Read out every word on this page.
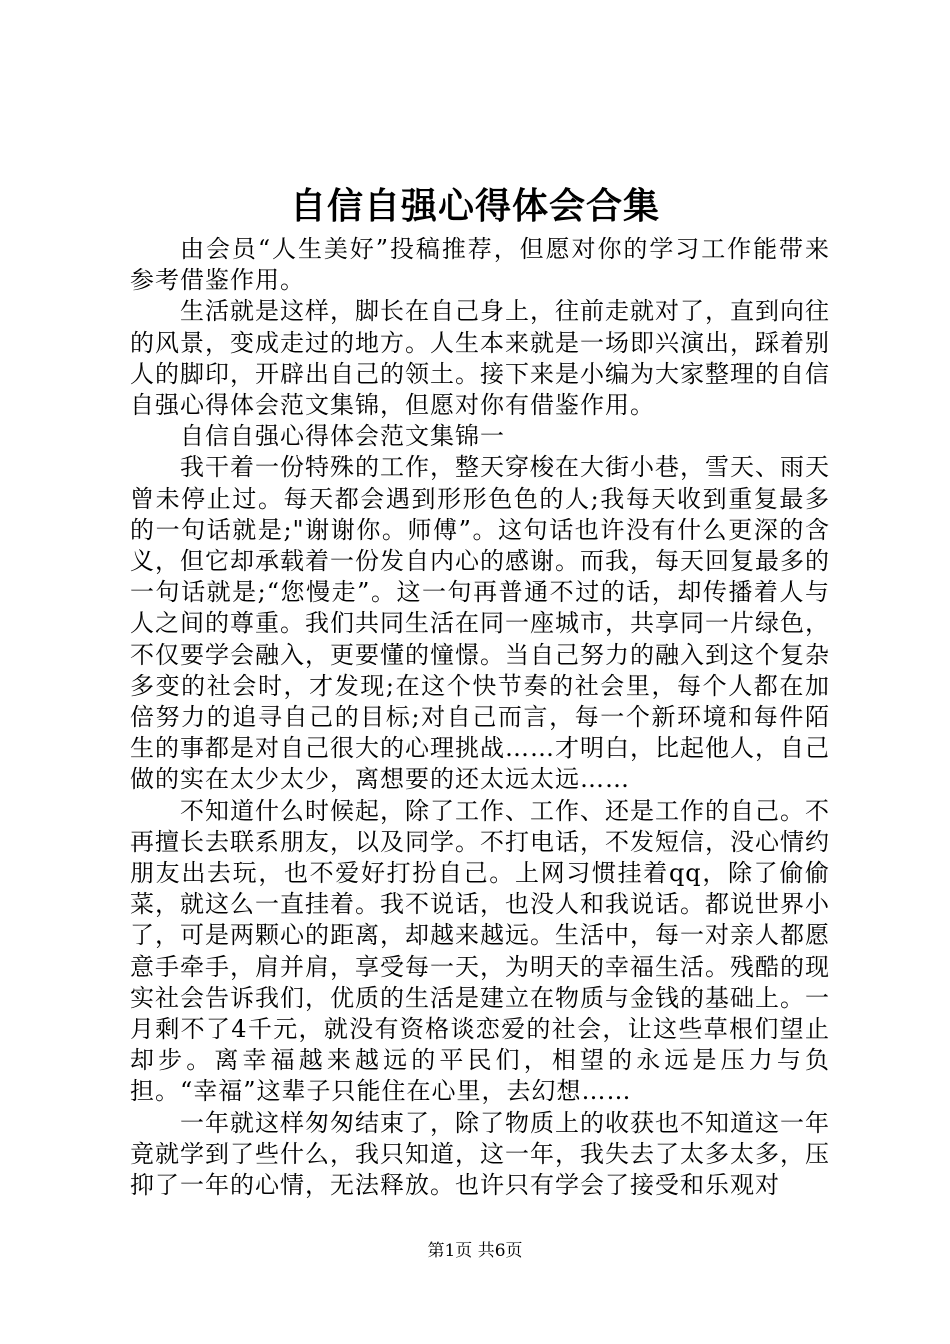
自信自强心得体会合集

由会员“人生美好”投稿推荐，但愿对你的学习工作能带来参考借鉴作用。

生活就是这样，脚长在自己身上，往前走就对了，直到向往的风景，变成走过的地方。人生本来就是一场即兴演出，踩着别人的脚印，开辟出自己的领土。接下来是小编为大家整理的自信自强心得体会范文集锦，但愿对你有借鉴作用。

自信自强心得体会范文集锦一

我干着一份特殊的工作，整天穿梭在大街小巷，雪天、雨天曾未停止过。每天都会遇到形形色色的人;我每天收到重复最多的一句话就是;"谢谢你。师傅”。这句话也许没有什么更深的含义，但它却承载着一份发自内心的感谢。而我，每天回复最多的一句话就是;“您慢走”。这一句再普通不过的话，却传播着人与人之间的尊重。我们共同生活在同一座城市，共享同一片绿色，不仅要学会融入，更要懂的憧憬。当自己努力的融入到这个复杂多变的社会时，才发现;在这个快节奏的社会里，每个人都在加倍努力的追寻自己的目标;对自己而言，每一个新环境和每件陌生的事都是对自己很大的心理挑战……才明白，比起他人，自己做的实在太少太少，离想要的还太远太远……

不知道什么时候起，除了工作、工作、还是工作的自己。不再擅长去联系朋友，以及同学。不打电话，不发短信，没心情约朋友出去玩，也不爱好打扮自己。上网习惯挂着qq，除了偷偷菜，就这么一直挂着。我不说话，也没人和我说话。都说世界小了，可是两颗心的距离，却越来越远。生活中，每一对亲人都愿意手牵手，肩并肩，享受每一天，为明天的幸福生活。残酷的现实社会告诉我们，优质的生活是建立在物质与金钱的基础上。一月剩不了4千元，就没有资格谈恋爱的社会，让这些草根们望止却步。离幸福越来越远的平民们，相望的永远是压力与负担。“幸福”这辈子只能住在心里，去幻想……

一年就这样匆匆结束了，除了物质上的收获也不知道这一年竟就学到了些什么，我只知道，这一年，我失去了太多太多，压抑了一年的心情，无法释放。也许只有学会了接受和乐观对

第1页 共6页
